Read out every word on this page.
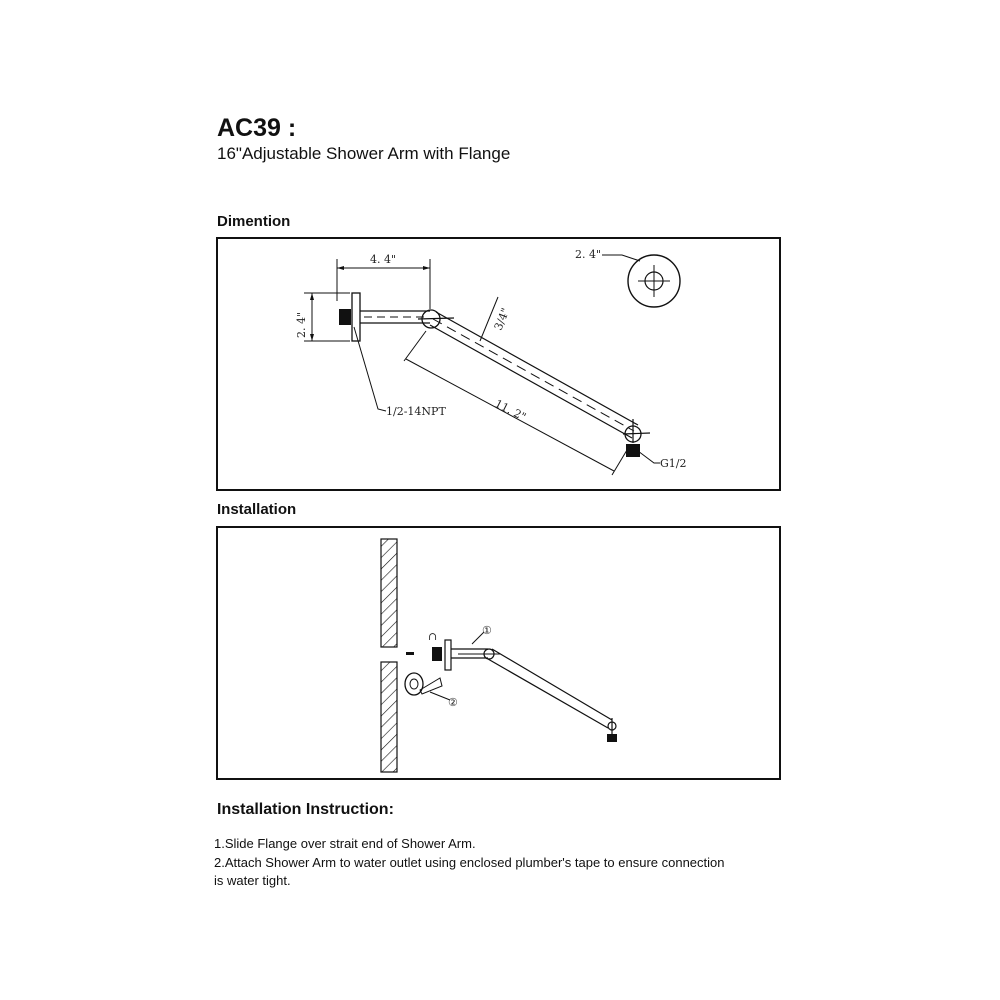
AC39 :
16"Adjustable Shower Arm with Flange
Dimention
4. 4"
2. 4"	3/4"
11. 2"
1/2-14NPT
G1/2
2. 4"
Installation
②
∩	①
Installation Instruction:
1.Slide Flange over strait end of Shower Arm.
2.Attach Shower Arm to water outlet using enclosed plumber's tape to ensure connection is water tight.
